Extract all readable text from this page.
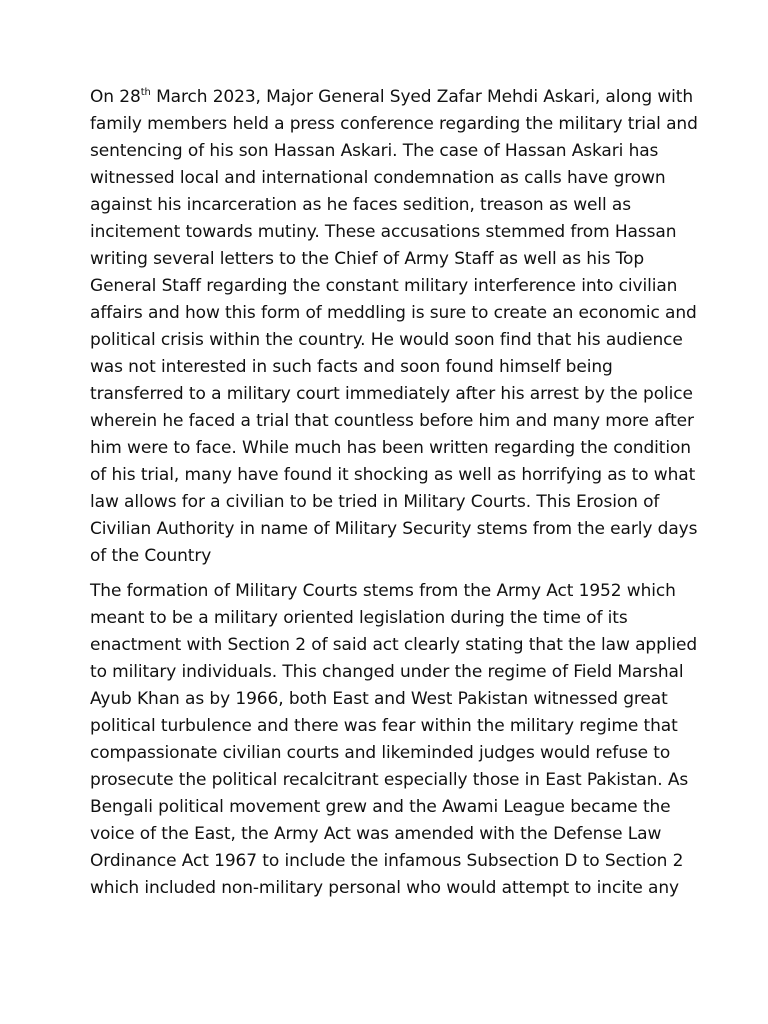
On 28th March 2023, Major General Syed Zafar Mehdi Askari, along with
family members held a press conference regarding the military trial and
sentencing of his son Hassan Askari. The case of Hassan Askari has
witnessed local and international condemnation as calls have grown
against his incarceration as he faces sedition, treason as well as
incitement towards mutiny. These accusations stemmed from Hassan
writing several letters to the Chief of Army Staff as well as his Top
General Staff regarding the constant military interference into civilian
affairs and how this form of meddling is sure to create an economic and
political crisis within the country. He would soon find that his audience
was not interested in such facts and soon found himself being
transferred to a military court immediately after his arrest by the police
wherein he faced a trial that countless before him and many more after
him were to face. While much has been written regarding the condition
of his trial, many have found it shocking as well as horrifying as to what
law allows for a civilian to be tried in Military Courts. This Erosion of
Civilian Authority in name of Military Security stems from the early days
of the Country
The formation of Military Courts stems from the Army Act 1952 which
meant to be a military oriented legislation during the time of its
enactment with Section 2 of said act clearly stating that the law applied
to military individuals. This changed under the regime of Field Marshal
Ayub Khan as by 1966, both East and West Pakistan witnessed great
political turbulence and there was fear within the military regime that
compassionate civilian courts and likeminded judges would refuse to
prosecute the political recalcitrant especially those in East Pakistan. As
Bengali political movement grew and the Awami League became the
voice of the East, the Army Act was amended with the Defense Law
Ordinance Act 1967 to include the infamous Subsection D to Section 2
which included non-military personal who would attempt to incite any
